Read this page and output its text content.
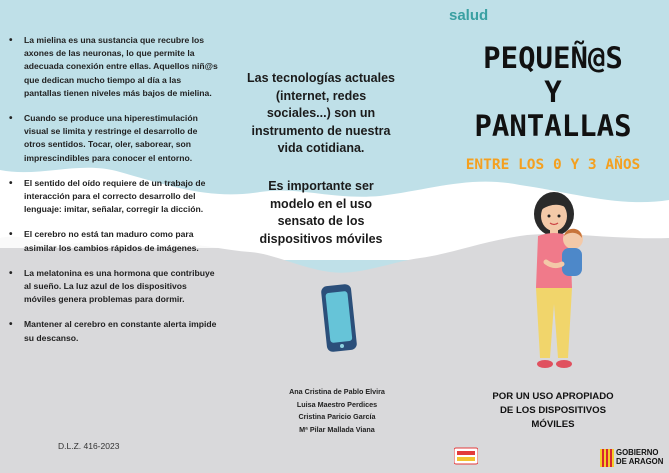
• La mielina es una sustancia que recubre los axones de las neuronas, lo que permite la adecuada conexión entre ellas. Aquellos niñ@s que dedican mucho tiempo al día a las pantallas tienen niveles más bajos de mielina.
• Cuando se produce una hiperestimulación visual se limita y restringe el desarrollo de otros sentidos. Tocar, oler, saborear, son imprescindibles para conocer el entorno.
• El sentido del oído requiere de un trabajo de interacción para el correcto desarrollo del lenguaje: imitar, señalar, corregir la dicción.
• El cerebro no está tan maduro como para asimilar los cambios rápidos de imágenes.
• La melatonina es una hormona que contribuye al sueño. La luz azul de los dispositivos móviles genera problemas para dormir.
• Mantener al cerebro en constante alerta impide su descanso.
D.L.Z. 416-2023
Las tecnologías actuales (internet, redes sociales...) son un instrumento de nuestra vida cotidiana.
Es importante ser modelo en el uso sensato de los dispositivos móviles
Ana Cristina de Pablo Elvira
Luisa Maestro Perdices
Cristina Paricio García
Mª Pilar Mallada Viana
salud
PEQUEÑ@S
Y
PANTALLAS
ENTRE LOS 0 Y 3 AÑOS
POR UN USO APROPIADO
DE LOS DISPOSITIVOS
MÓVILES
GOBIERNO
DE ARAGON
